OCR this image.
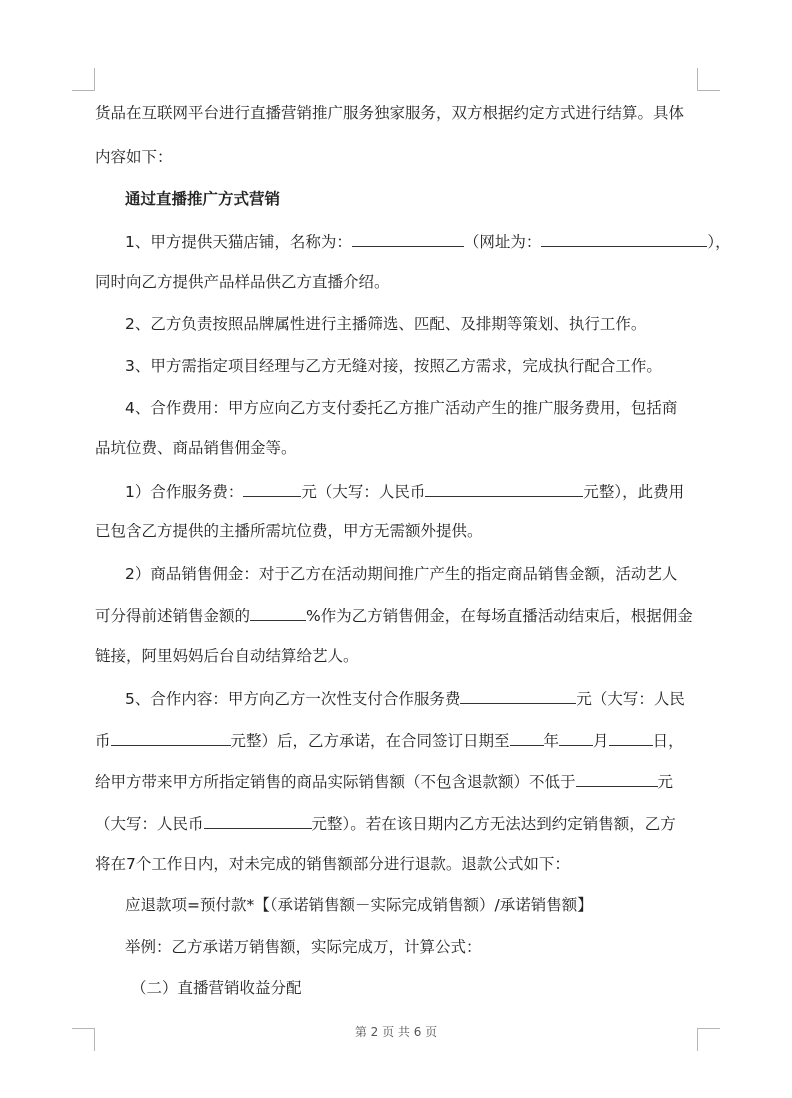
货品在互联网平台进行直播营销推广服务独家服务，双方根据约定方式进行结算。具体
内容如下：
通过直播推广方式营销
1、甲方提供天猫店铺，名称为：	（网址为：	），
同时向乙方提供产品样品供乙方直播介绍。
2、乙方负责按照品牌属性进行主播筛选、匹配、及排期等策划、执行工作。
3、甲方需指定项目经理与乙方无缝对接，按照乙方需求，完成执行配合工作。
4、合作费用：甲方应向乙方支付委托乙方推广活动产生的推广服务费用，包括商
品坑位费、商品销售佣金等。
1）合作服务费：	元（大写：人民币	元整），此费用
已包含乙方提供的主播所需坑位费，甲方无需额外提供。
2）商品销售佣金：对于乙方在活动期间推广产生的指定商品销售金额，活动艺人
可分得前述销售金额的	%作为乙方销售佣金，在每场直播活动结束后，根据佣金
链接，阿里妈妈后台自动结算给艺人。
5、合作内容：甲方向乙方一次性支付合作服务费	元（大写：人民
币	元整）后，乙方承诺，在合同签订日期至 年 月	日，
给甲方带来甲方所指定销售的商品实际销售额（不包含退款额）不低于	元
（大写：人民币	元整）。若在该日期内乙方无法达到约定销售额，乙方
将在7个工作日内，对未完成的销售额部分进行退款。退款公式如下：
应退款项=预付款*【（承诺销售额－实际完成销售额）/承诺销售额】
举例：乙方承诺万销售额，实际完成万，计算公式：
（二）直播营销收益分配
第 2 页 共 6 页
